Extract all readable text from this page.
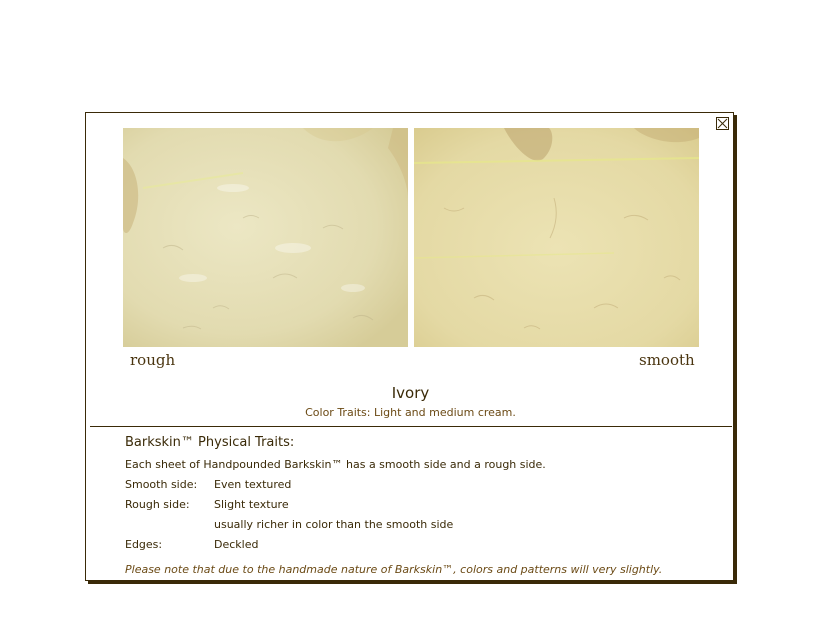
rough	smooth
Ivory
Color Traits: Light and medium cream.
Barkskin™ Physical Traits:
Each sheet of Handpounded Barkskin™ has a smooth side and a rough side.
Smooth side: Even textured
Rough side: Slight texture
usually richer in color than the smooth side
Edges:	Deckled
Please note that due to the handmade nature of Barkskin™, colors and patterns will very slightly.
